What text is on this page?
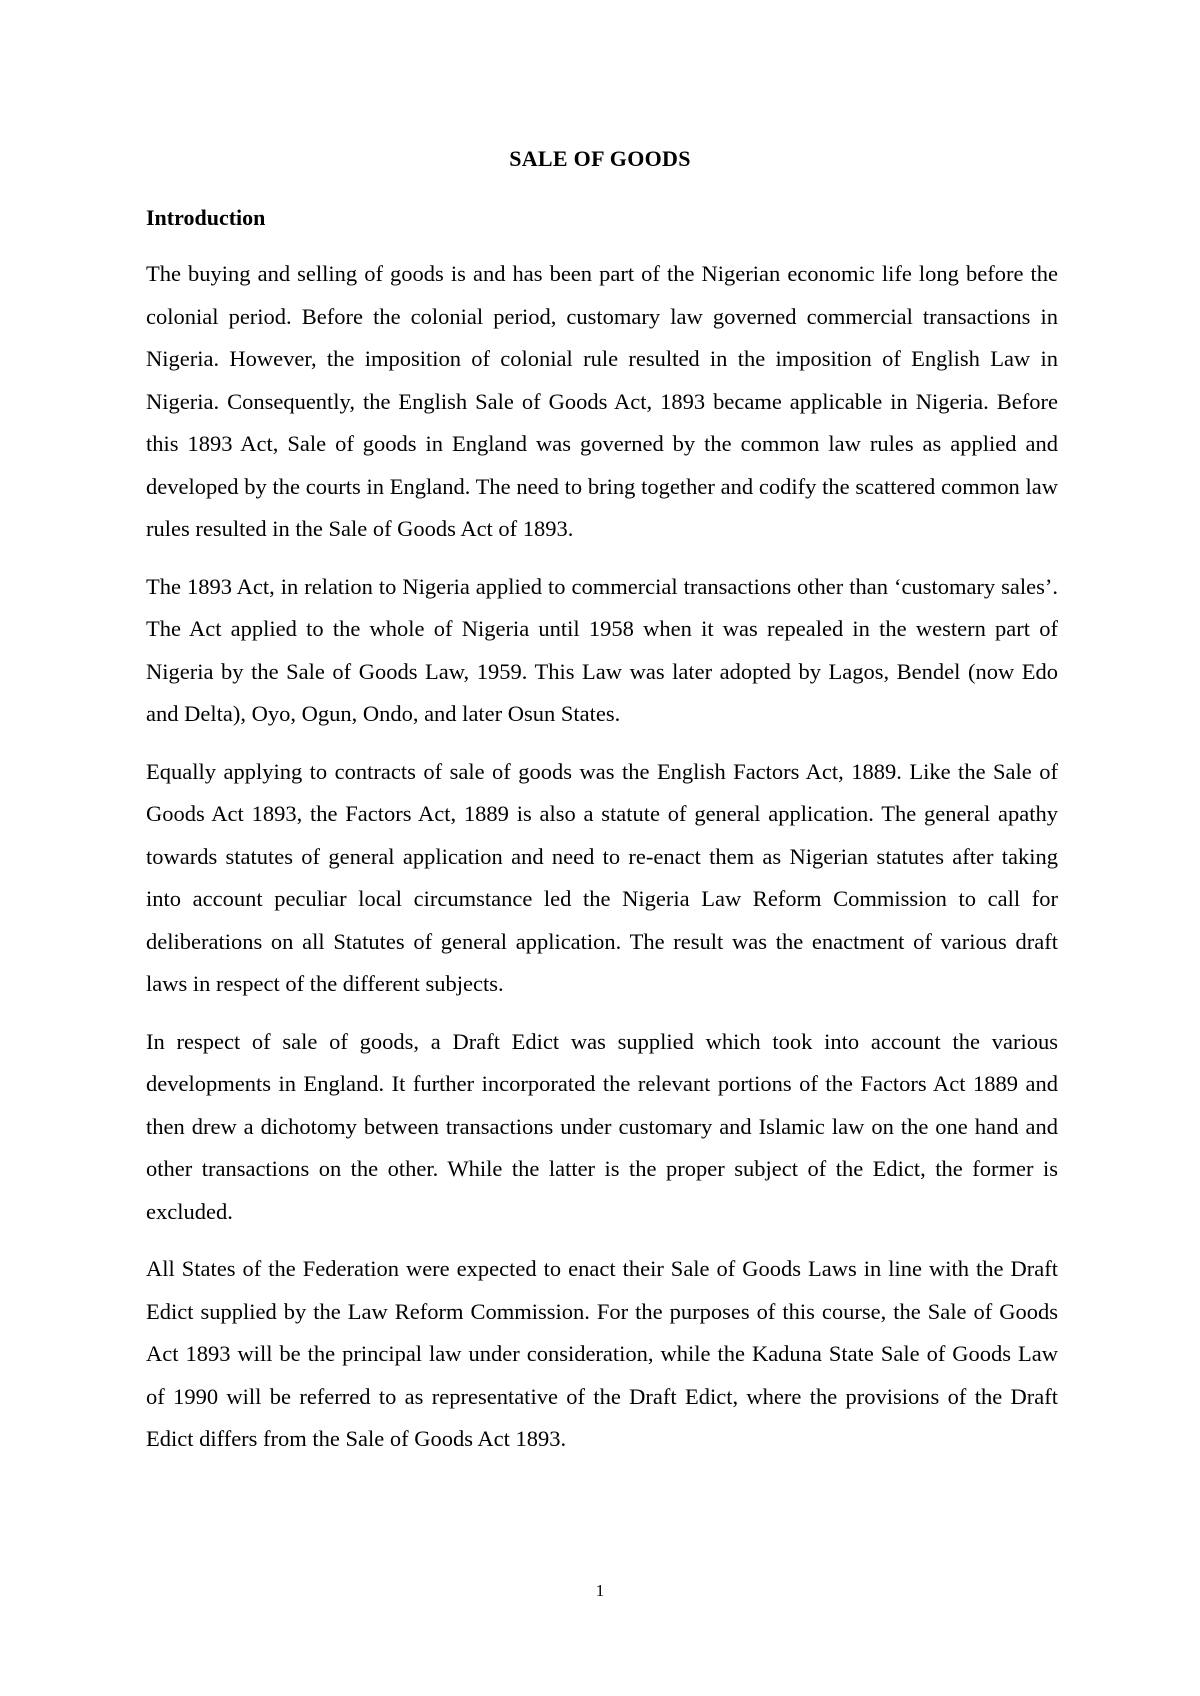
SALE OF GOODS
Introduction

The buying and selling of goods is and has been part of the Nigerian economic life long before the colonial period. Before the colonial period, customary law governed commercial transactions in Nigeria. However, the imposition of colonial rule resulted in the imposition of English Law in Nigeria. Consequently, the English Sale of Goods Act, 1893 became applicable in Nigeria. Before this 1893 Act, Sale of goods in England was governed by the common law rules as applied and developed by the courts in England. The need to bring together and codify the scattered common law rules resulted in the Sale of Goods Act of 1893.

The 1893 Act, in relation to Nigeria applied to commercial transactions other than ‘customary sales’. The Act applied to the whole of Nigeria until 1958 when it was repealed in the western part of Nigeria by the Sale of Goods Law, 1959. This Law was later adopted by Lagos, Bendel (now Edo and Delta), Oyo, Ogun, Ondo, and later Osun States.

Equally applying to contracts of sale of goods was the English Factors Act, 1889. Like the Sale of Goods Act 1893, the Factors Act, 1889 is also a statute of general application. The general apathy towards statutes of general application and need to re-enact them as Nigerian statutes after taking into account peculiar local circumstance led the Nigeria Law Reform Commission to call for deliberations on all Statutes of general application. The result was the enactment of various draft laws in respect of the different subjects.

In respect of sale of goods, a Draft Edict was supplied which took into account the various developments in England. It further incorporated the relevant portions of the Factors Act 1889 and then drew a dichotomy between transactions under customary and Islamic law on the one hand and other transactions on the other. While the latter is the proper subject of the Edict, the former is excluded.

All States of the Federation were expected to enact their Sale of Goods Laws in line with the Draft Edict supplied by the Law Reform Commission. For the purposes of this course, the Sale of Goods Act 1893 will be the principal law under consideration, while the Kaduna State Sale of Goods Law of 1990 will be referred to as representative of the Draft Edict, where the provisions of the Draft Edict differs from the Sale of Goods Act 1893.

1
